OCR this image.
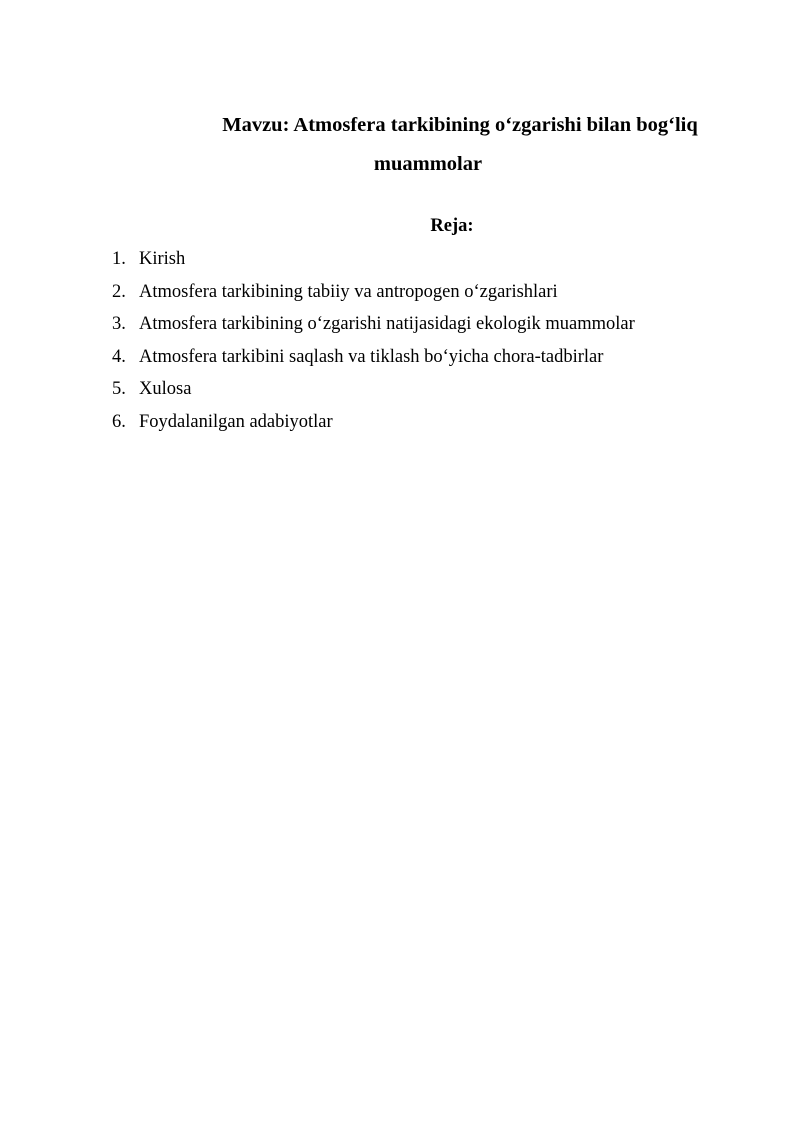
Mavzu: Atmosfera tarkibining o‘zgarishi bilan bog‘liq
muammolar
Reja:
1. Kirish
2. Atmosfera tarkibining tabiiy va antropogen o‘zgarishlari
3. Atmosfera tarkibining o‘zgarishi natijasidagi ekologik muammolar
4. Atmosfera tarkibini saqlash va tiklash bo‘yicha chora-tadbirlar
5. Xulosa
6. Foydalanilgan adabiyotlar
